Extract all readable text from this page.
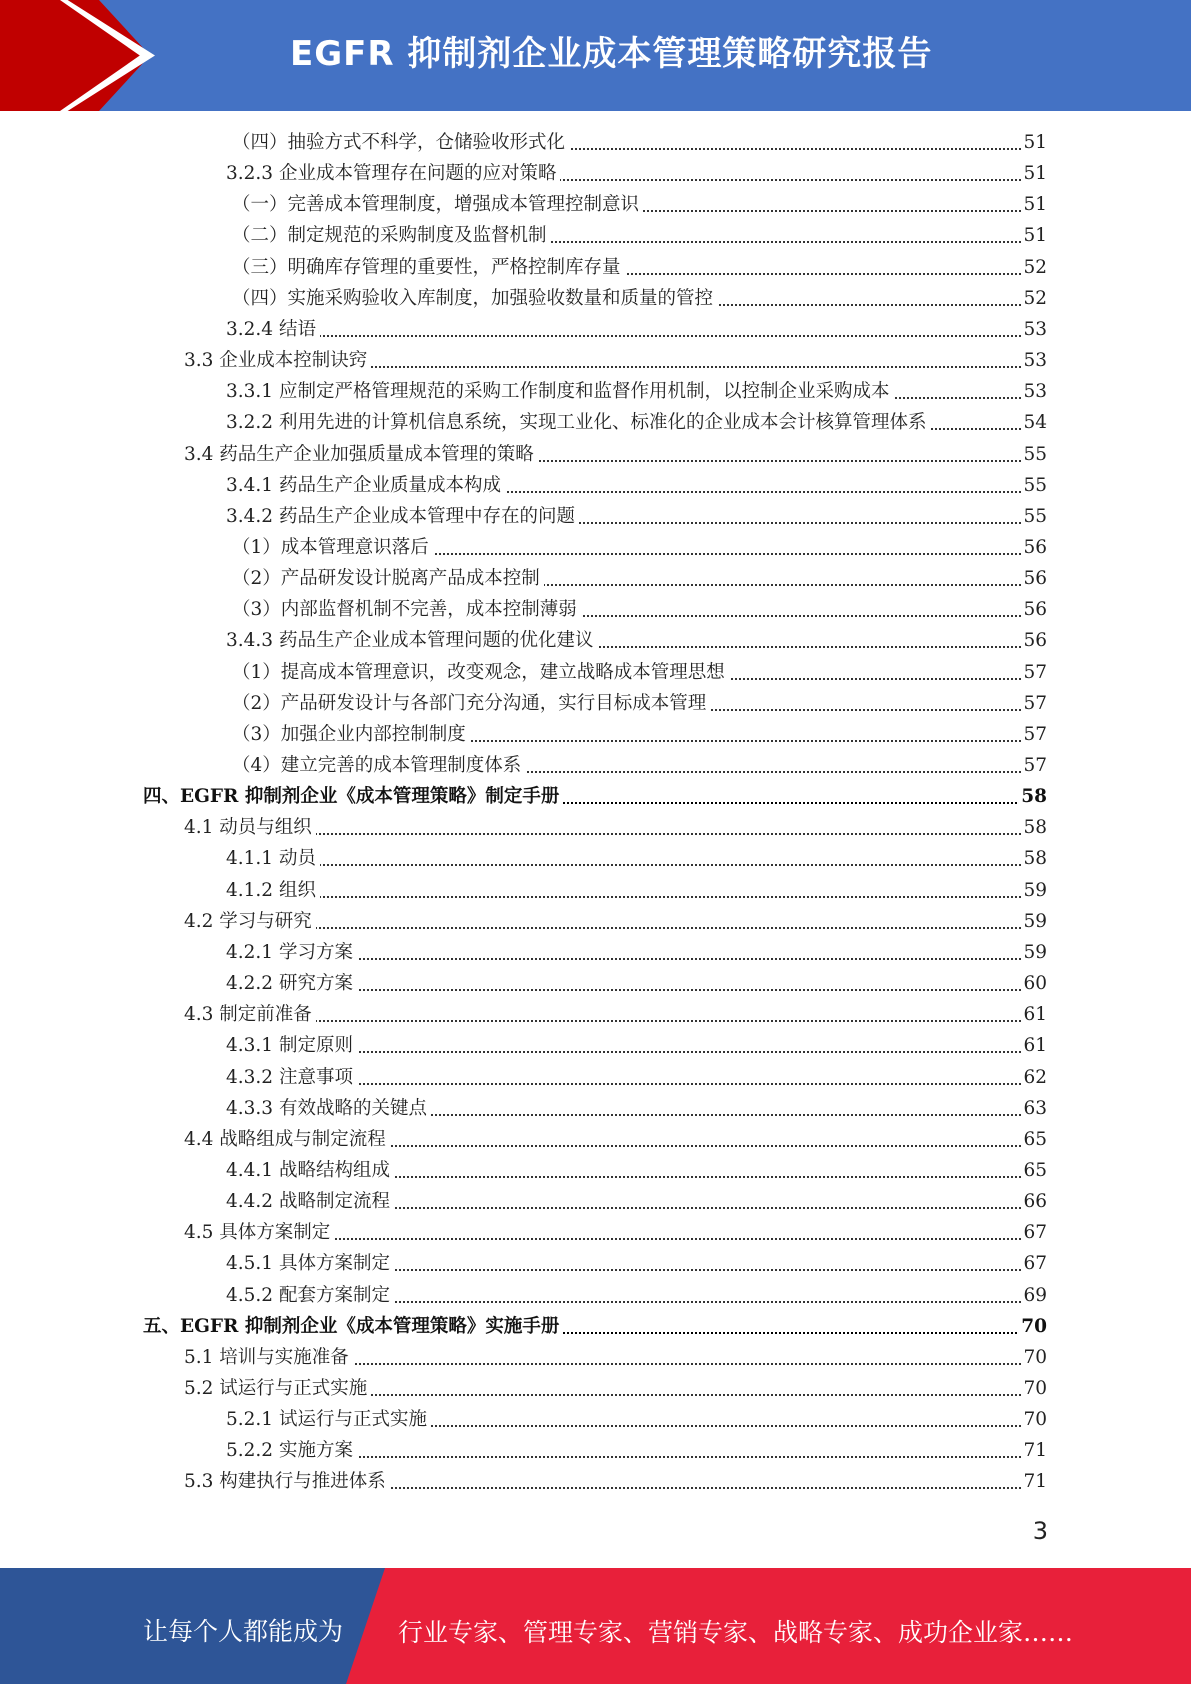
EGFR 抑制剂企业成本管理策略研究报告
（四）抽验方式不科学，仓储验收形式化	51
3.2.3 企业成本管理存在问题的应对策略	51
（一）完善成本管理制度，增强成本管理控制意识	51
（二）制定规范的采购制度及监督机制	51
（三）明确库存管理的重要性，严格控制库存量	52
（四）实施采购验收入库制度，加强验收数量和质量的管控	52
3.2.4 结语	53
3.3 企业成本控制诀窍	53
3.3.1 应制定严格管理规范的采购工作制度和监督作用机制，以控制企业采购成本	53
3.2.2 利用先进的计算机信息系统，实现工业化、标准化的企业成本会计核算管理体系	54
3.4 药品生产企业加强质量成本管理的策略	55
3.4.1 药品生产企业质量成本构成	55
3.4.2 药品生产企业成本管理中存在的问题	55
（1）成本管理意识落后	56
（2）产品研发设计脱离产品成本控制	56
（3）内部监督机制不完善，成本控制薄弱	56
3.4.3 药品生产企业成本管理问题的优化建议	56
（1）提高成本管理意识，改变观念，建立战略成本管理思想	57
（2）产品研发设计与各部门充分沟通，实行目标成本管理	57
（3）加强企业内部控制制度	57
（4）建立完善的成本管理制度体系	57
四、EGFR 抑制剂企业《成本管理策略》制定手册	58
4.1 动员与组织	58
4.1.1 动员	58
4.1.2 组织	59
4.2 学习与研究	59
4.2.1 学习方案	59
4.2.2 研究方案	60
4.3 制定前准备	61
4.3.1 制定原则	61
4.3.2 注意事项	62
4.3.3 有效战略的关键点	63
4.4 战略组成与制定流程	65
4.4.1 战略结构组成	65
4.4.2 战略制定流程	66
4.5 具体方案制定	67
4.5.1 具体方案制定	67
4.5.2 配套方案制定	69
五、EGFR 抑制剂企业《成本管理策略》实施手册	70
5.1 培训与实施准备	70
5.2 试运行与正式实施	70
5.2.1 试运行与正式实施	70
5.2.2 实施方案	71
5.3 构建执行与推进体系	71
3
让每个人都能成为 行业专家、管理专家、营销专家、战略专家、成功企业家……
